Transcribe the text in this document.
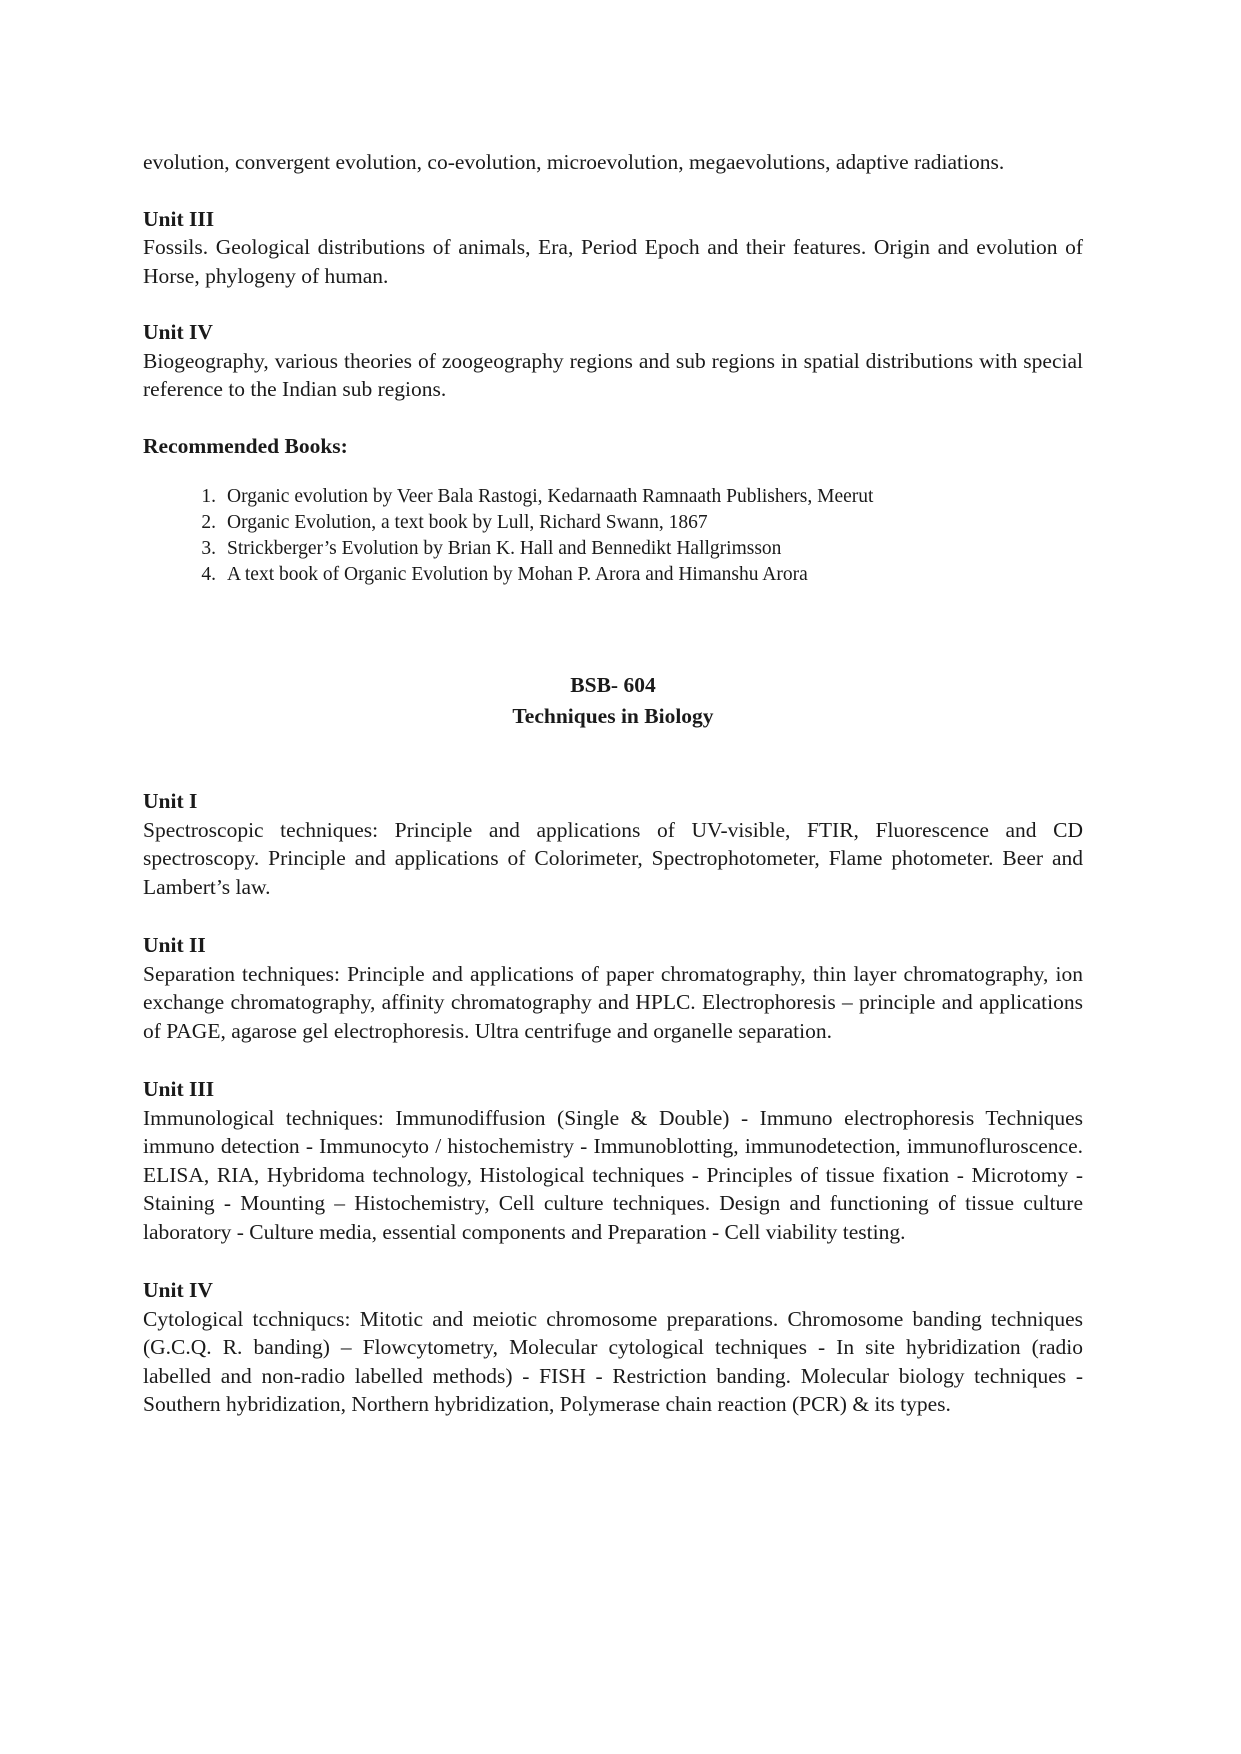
evolution, convergent evolution, co-evolution, microevolution, megaevolutions, adaptive radiations.

Unit III

Fossils. Geological distributions of animals, Era, Period Epoch and their features. Origin and evolution of Horse, phylogeny of human.

Unit IV

Biogeography, various theories of zoogeography regions and sub regions in spatial distributions with special reference to the Indian sub regions.

Recommended Books:

1. Organic evolution by Veer Bala Rastogi, Kedarnaath Ramnaath Publishers, Meerut
2. Organic Evolution, a text book by Lull, Richard Swann, 1867
3. Strickberger’s Evolution by Brian K. Hall and Bennedikt Hallgrimsson
4. A text book of Organic Evolution by Mohan P. Arora and Himanshu Arora

BSB- 604

Techniques in Biology

Unit I

Spectroscopic techniques: Principle and applications of UV-visible, FTIR, Fluorescence and CD spectroscopy. Principle and applications of Colorimeter, Spectrophotometer, Flame photometer. Beer and Lambert’s law.

Unit II

Separation techniques: Principle and applications of paper chromatography, thin layer chromatography, ion exchange chromatography, affinity chromatography and HPLC. Electrophoresis – principle and applications of PAGE, agarose gel electrophoresis. Ultra centrifuge and organelle separation.

Unit III

Immunological techniques: Immunodiffusion (Single & Double) - Immuno electrophoresis Techniques immuno detection - Immunocyto / histochemistry - Immunoblotting, immunodetection, immunofluroscence. ELISA, RIA, Hybridoma technology, Histological techniques - Principles of tissue fixation - Microtomy - Staining - Mounting – Histochemistry, Cell culture techniques. Design and functioning of tissue culture laboratory - Culture media, essential components and Preparation - Cell viability testing.

Unit IV

Cytological tcchniqucs: Mitotic and meiotic chromosome preparations. Chromosome banding techniques (G.C.Q. R. banding) – Flowcytometry, Molecular cytological techniques - In site hybridization (radio labelled and non-radio labelled methods) - FISH - Restriction banding. Molecular biology techniques - Southern hybridization, Northern hybridization, Polymerase chain reaction (PCR) & its types.
